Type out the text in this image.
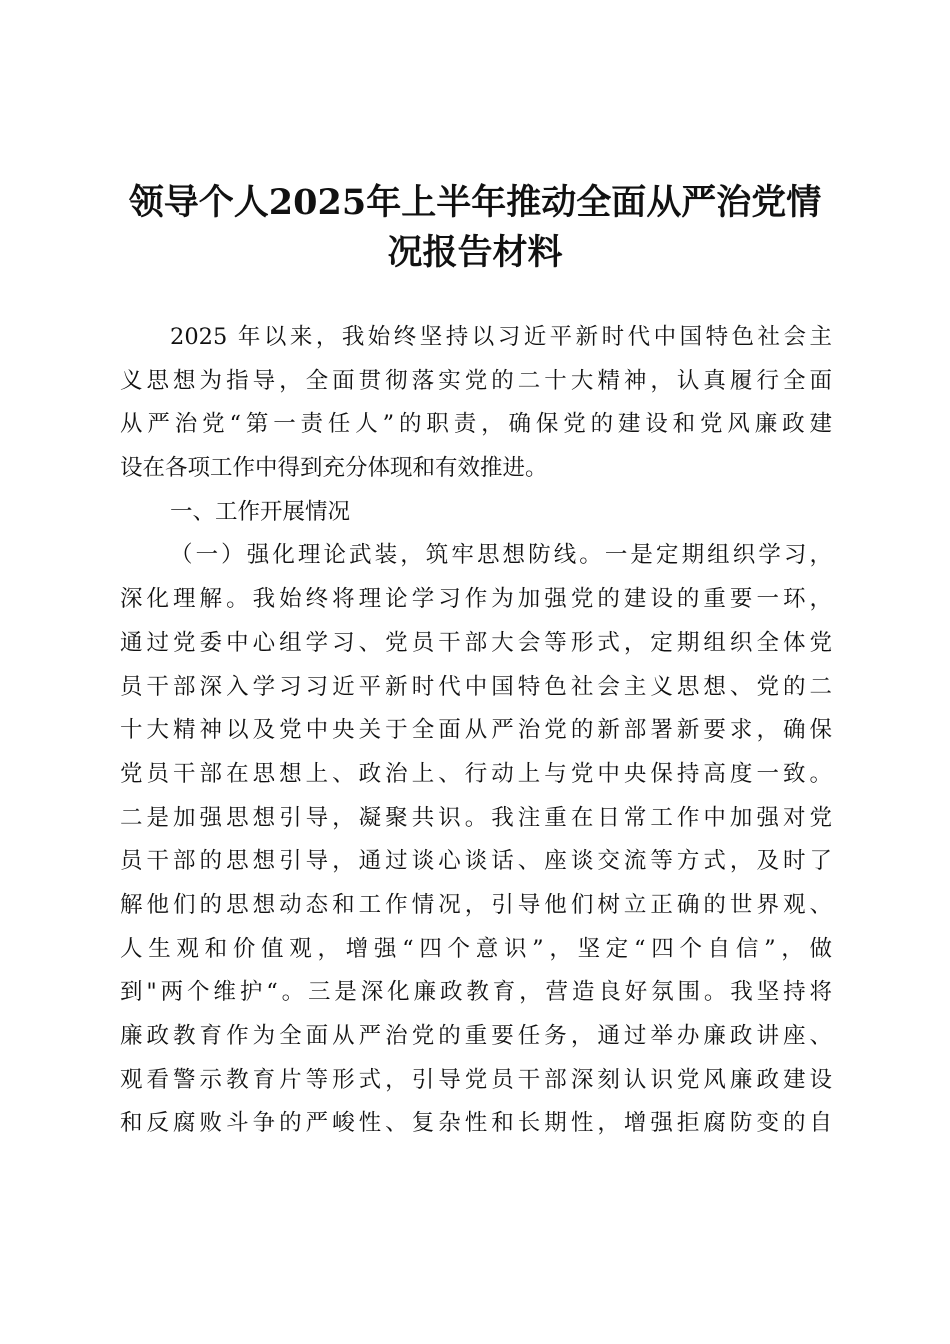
领导个人2025年上半年推动全面从严治党情
况报告材料
2025 年以来，我始终坚持以习近平新时代中国特色社会主
义思想为指导，全面贯彻落实党的二十大精神，认真履行全面
从严治党“第一责任人”的职责，确保党的建设和党风廉政建
设在各项工作中得到充分体现和有效推进。
一、工作开展情况
（一）强化理论武装，筑牢思想防线。一是定期组织学习，
深化理解。我始终将理论学习作为加强党的建设的重要一环，
通过党委中心组学习、党员干部大会等形式，定期组织全体党
员干部深入学习习近平新时代中国特色社会主义思想、党的二
十大精神以及党中央关于全面从严治党的新部署新要求，确保
党员干部在思想上、政治上、行动上与党中央保持高度一致。
二是加强思想引导，凝聚共识。我注重在日常工作中加强对党
员干部的思想引导，通过谈心谈话、座谈交流等方式，及时了
解他们的思想动态和工作情况，引导他们树立正确的世界观、
人生观和价值观，增强“四个意识”，坚定“四个自信”，做
到"两个维护“。三是深化廉政教育，营造良好氛围。我坚持将
廉政教育作为全面从严治党的重要任务，通过举办廉政讲座、
观看警示教育片等形式，引导党员干部深刻认识党风廉政建设
和反腐败斗争的严峻性、复杂性和长期性，增强拒腐防变的自
